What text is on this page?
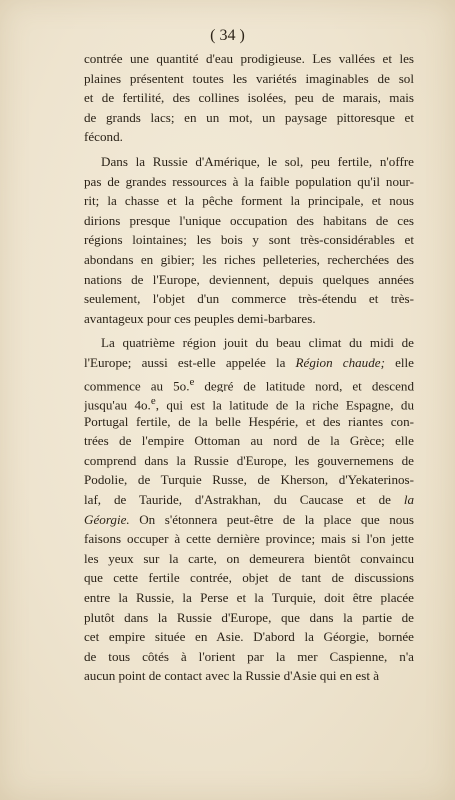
( 34 )

contrée une quantité d'eau prodigieuse. Les vallées et les
plaines présentent toutes les variétés imaginables de sol
et de fertilité, des collines isolées, peu de marais, mais
de grands lacs; en un mot, un paysage pittoresque et
fécond.
Dans la Russie d'Amérique, le sol, peu fertile, n'offre
pas de grandes ressources à la faible population qu'il nour-
rit; la chasse et la pêche forment la principale, et nous
dirions presque l'unique occupation des habitans de ces
régions lointaines; les bois y sont très-considérables et
abondans en gibier; les riches pelleteries, recherchées des
nations de l'Europe, deviennent, depuis quelques années
seulement, l'objet d'un commerce très-étendu et très-
avantageux pour ces peuples demi-barbares.
La quatrième région jouit du beau climat du midi de
l'Europe; aussi est-elle appelée la Région chaude; elle
commence au 5o.$^e$ degré de latitude nord, et descend
jusqu'au 4o.$^e$, qui est la latitude de la riche Espagne, du
Portugal fertile, de la belle Hespérie, et des riantes con-
trées de l'empire Ottoman au nord de la Grèce; elle
comprend dans la Russie d'Europe, les gouvernemens de
Podolie, de Turquie Russe, de Kherson, d'Yekaterinos-
laf, de Tauride, d'Astrakhan, du Caucase et de la
Géorgie. On s'étonnera peut-être de la place que nous
faisons occuper à cette dernière province; mais si l'on jette
les yeux sur la carte, on demeurera bientôt convaincu
que cette fertile contrée, objet de tant de discussions
entre la Russie, la Perse et la Turquie, doit être placée
plutôt dans la Russie d'Europe, que dans la partie de
cet empire située en Asie. D'abord la Géorgie, bornée
de tous côtés à l'orient par la mer Caspienne, n'a
aucun point de contact avec la Russie d'Asie qui en est à
